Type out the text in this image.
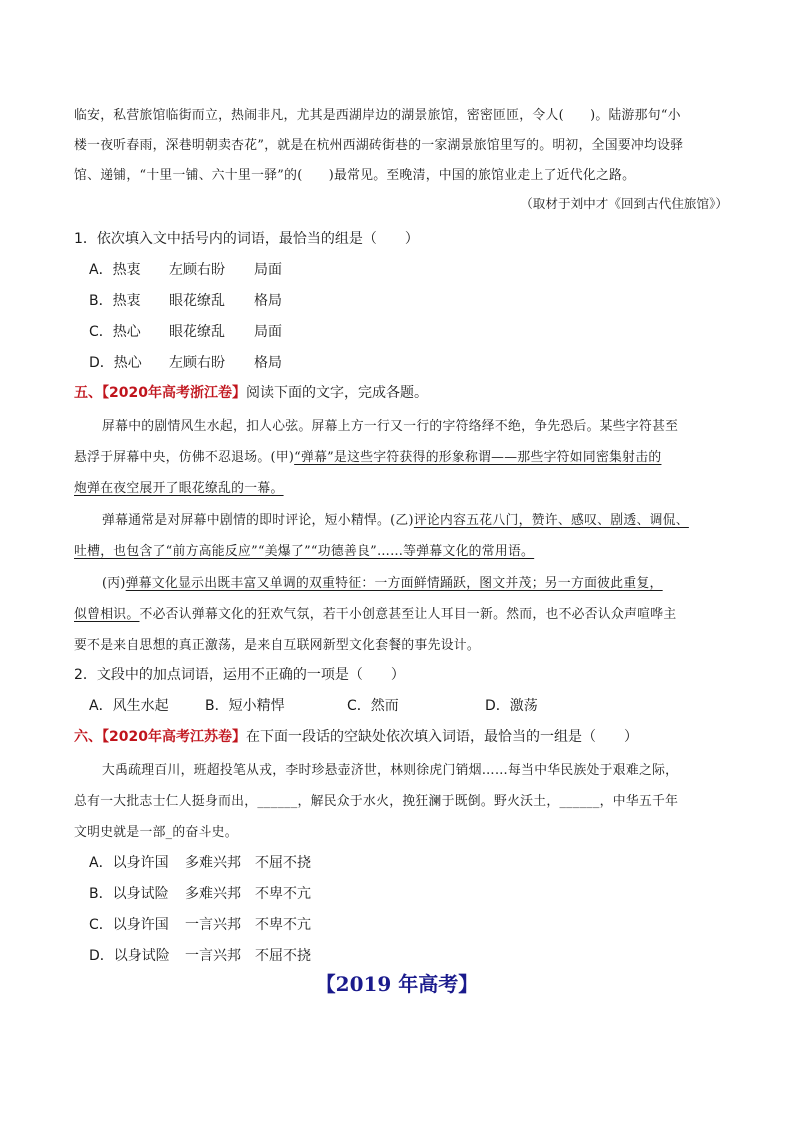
临安，私营旅馆临街而立，热闹非凡，尤其是西湖岸边的湖景旅馆，密密匝匝，令人(　　)。陆游那句“小
楼一夜听春雨，深巷明朝卖杏花”，就是在杭州西湖砖街巷的一家湖景旅馆里写的。明初，全国要冲均设驿
馆、递铺，“十里一铺、六十里一驿”的(　　)最常见。至晚清，中国的旅馆业走上了近代化之路。
（取材于刘中才《回到古代住旅馆》）
1．依次填入文中括号内的词语，最恰当的组是（　　）
A．热衷 左顾右盼 局面
B．热衷 眼花缭乱 格局
C．热心 眼花缭乱 局面
D．热心 左顾右盼 格局
五、【2020年高考浙江卷】阅读下面的文字，完成各题。
屏幕中的剧情风生水起，扣人心弦。屏幕上方一行又一行的字符络绎不绝，争先恐后。某些字符甚至
悬浮于屏幕中央，仿佛不忍退场。(甲)“弹幕”是这些字符获得的形象称谓——那些字符如同密集射击的
炮弹在夜空展开了眼花缭乱的一幕。
弹幕通常是对屏幕中剧情的即时评论，短小精悍。(乙)评论内容五花八门，赞许、感叹、剧透、调侃、
吐槽，也包含了“前方高能反应”“美爆了”“功德善良”……等弹幕文化的常用语。
(丙)弹幕文化显示出既丰富又单调的双重特征：一方面鲜情踊跃，图文并茂；另一方面彼此重复，
似曾相识。不必否认弹幕文化的狂欢气氛，若干小创意甚至让人耳目一新。然而，也不必否认众声喧哗主
要不是来自思想的真正激荡，是来自互联网新型文化套餐的事先设计。
2．文段中的加点词语，运用不正确的一项是（　　）
A．风生水起	B．短小精悍	C．然而	D．激荡
六、【2020年高考江苏卷】在下面一段话的空缺处依次填入词语，最恰当的一组是（　　）
大禹疏理百川，班超投笔从戎，李时珍悬壶济世，林则徐虎门销烟……每当中华民族处于艰难之际，
总有一大批志士仁人挺身而出，______，解民众于水火，挽狂澜于既倒。野火沃土，______，中华五千年
文明史就是一部_的奋斗史。
A．以身许国 多难兴邦 不屈不挠
B．以身试险 多难兴邦 不卑不亢
C．以身许国 一言兴邦 不卑不亢
D．以身试险 一言兴邦 不屈不挠
【2019 年高考】
